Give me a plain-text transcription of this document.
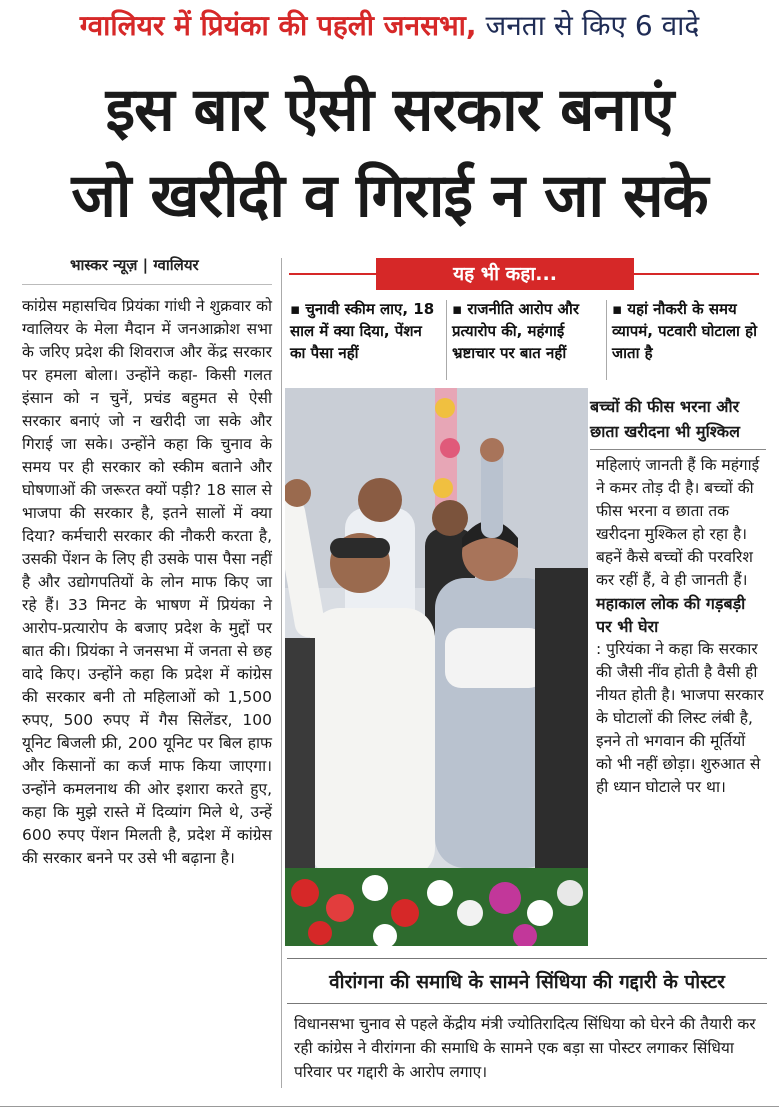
ग्वालियर में प्रियंका की पहली जनसभा, जनता से किए 6 वादे
इस बार ऐसी सरकार बनाएं
जो खरीदी व गिराई न जा सके
भास्कर न्यूज़ | ग्वालियर
कांग्रेस महासचिव प्रियंका गांधी ने शुक्रवार को ग्वालियर के मेला मैदान में जनआक्रोश सभा के जरिए प्रदेश की शिवराज और केंद्र सरकार पर हमला बोला। उन्होंने कहा- किसी गलत इंसान को न चुनें, प्रचंड बहुमत से ऐसी सरकार बनाएं जो न खरीदी जा सके और गिराई जा सके। उन्होंने कहा कि चुनाव के समय पर ही सरकार को स्कीम बताने और घोषणाओं की जरूरत क्यों पड़ी? 18 साल से भाजपा की सरकार है, इतने सालों में क्या दिया? कर्मचारी सरकार की नौकरी करता है, उसकी पेंशन के लिए ही उसके पास पैसा नहीं है और उद्योगपतियों के लोन माफ किए जा रहे हैं। 33 मिनट के भाषण में प्रियंका ने आरोप-प्रत्यारोप के बजाए प्रदेश के मुद्दों पर बात की। प्रियंका ने जनसभा में जनता से छह वादे किए। उन्होंने कहा कि प्रदेश में कांग्रेस की सरकार बनी तो महिलाओं को 1,500 रुपए, 500 रुपए में गैस सिलेंडर, 100 यूनिट बिजली फ्री, 200 यूनिट पर बिल हाफ और किसानों का कर्ज माफ किया जाएगा। उन्होंने कमलनाथ की ओर इशारा करते हुए, कहा कि मुझे रास्ते में दिव्यांग मिले थे, उन्हें 600 रुपए पेंशन मिलती है, प्रदेश में कांग्रेस की सरकार बनने पर उसे भी बढ़ाना है।
यह भी कहा...
▪ चुनावी स्कीम लाए, 18 साल में क्या दिया, पेंशन का पैसा नहीं
▪ राजनीति आरोप और प्रत्यारोप की, महंगाई भ्रष्टाचार पर बात नहीं
▪ यहां नौकरी के समय व्यापमं, पटवारी घोटाला हो जाता है
बच्चों की फीस भरना और छाता खरीदना भी मुश्किल
महिलाएं जानती हैं कि महंगाई ने कमर तोड़ दी है। बच्चों की फीस भरना व छाता तक खरीदना मुश्किल हो रहा है। बहनें कैसे बच्चों की परवरिश कर रहीं हैं, वे ही जानती हैं।
महाकाल लोक की गड़बड़ी पर भी घेरा
: पुरियंका ने कहा कि सरकार की जैसी नींव होती है वैसी ही नीयत होती है। भाजपा सरकार के घोटालों की लिस्ट लंबी है, इनने तो भगवान की मूर्तियों को भी नहीं छोड़ा। शुरुआत से ही ध्यान घोटाले पर था।
वीरांगना की समाधि के सामने सिंधिया की गद्दारी के पोस्टर
विधानसभा चुनाव से पहले केंद्रीय मंत्री ज्योतिरादित्य सिंधिया को घेरने की तैयारी कर रही कांग्रेस ने वीरांगना की समाधि के सामने एक बड़ा सा पोस्टर लगाकर सिंधिया परिवार पर गद्दारी के आरोप लगाए।
